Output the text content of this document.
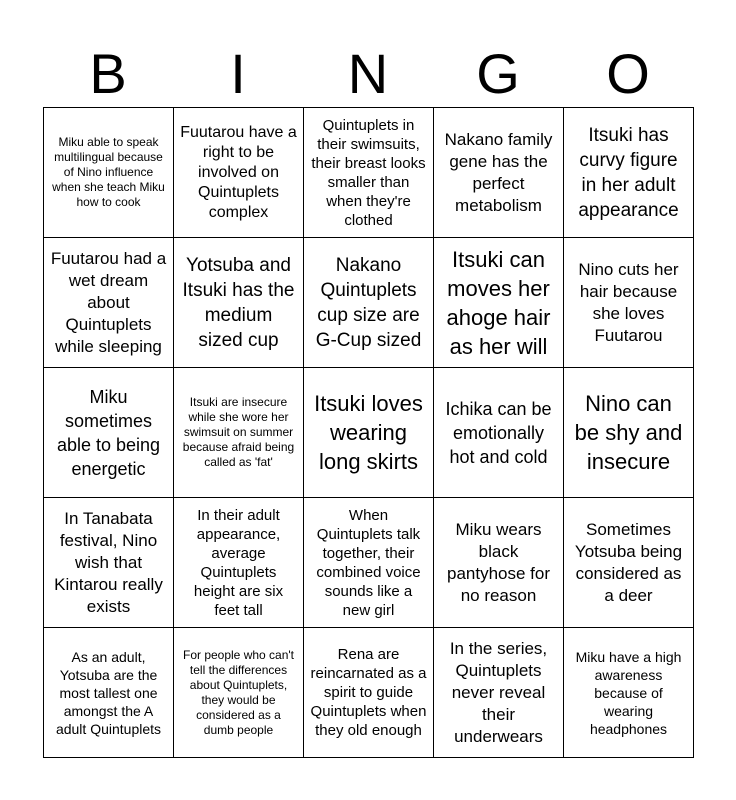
B	I	N	G	O
Miku able to speak multilingual because of Nino influence when she teach Miku how to cook
Fuutarou have a right to be involved on Quintuplets complex
Quintuplets in their swimsuits, their breast looks smaller than when they're clothed
Nakano family gene has the perfect metabolism
Itsuki has curvy figure in her adult appearance
Fuutarou had a wet dream about Quintuplets while sleeping
Yotsuba and Itsuki has the medium sized cup
Nakano Quintuplets cup size are G-Cup sized
Itsuki can moves her ahoge hair as her will
Nino cuts her hair because she loves Fuutarou
Miku sometimes able to being energetic
Itsuki are insecure while she wore her swimsuit on summer because afraid being called as 'fat'
Itsuki loves wearing long skirts
Ichika can be emotionally hot and cold
Nino can be shy and insecure
In Tanabata festival, Nino wish that Kintarou really exists
In their adult appearance, average Quintuplets height are six feet tall
When Quintuplets talk together, their combined voice sounds like a new girl
Miku wears black pantyhose for no reason
Sometimes Yotsuba being considered as a deer
As an adult, Yotsuba are the most tallest one amongst the A adult Quintuplets
For people who can't tell the differences about Quintuplets, they would be considered as a dumb people
Rena are reincarnated as a spirit to guide Quintuplets when they old enough
In the series, Quintuplets never reveal their underwears
Miku have a high awareness because of wearing headphones
